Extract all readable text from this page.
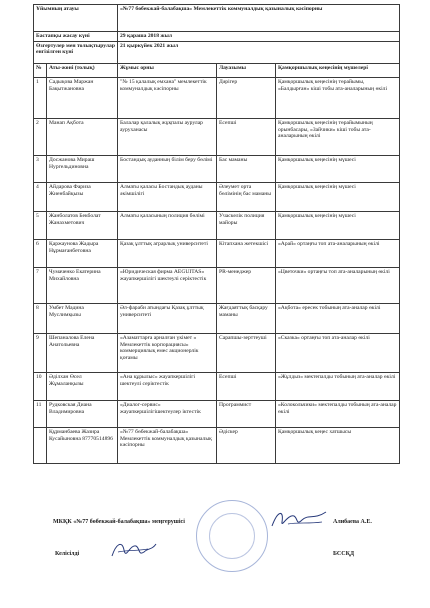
Ұйымның атауы	«№77 бөбекжай-балабақша» Мемлекеттік коммуналдық қазыналық кәсіпорны
Бастапқы жасау күні	29 қараша 2018 жыл
Өзгертулер мен толықтырулар енгізілген күні	21 қыркүйек 2021 жыл
№	Аты-жөні (толық)	Жұмыс орны	Лауазымы	Қамқоршылық кеңесінің мүшелері
1	Садықова Маржан Бақытжановна	"№ 15 қалалық емхана" мемлекеттік коммуналдық кәсіпорны	Дәрігер	Қамқоршылық кеңесінің төрайымы, «Балдырған» кіші тобы ата-аналарының өкілі
2	Манап Ақбота	Балалар қалалық жұқпалы аурулар ауруханасы	Есепші	Қамқоршылық кеңесінің төрайымының орынбасары, «Зайчики» кіші тобы ата-аналарының өкілі
3	Досжанова Мираш Нургельдиновна	Бостандық ауданның білім беру бөлімі	Бас маманы	Қамқоршылық кеңесінің мүшесі
4	Айдарова Фариза Жиенбайқызы	Алматы қаласы Бостандық ауданы әкімшілігі	Әлеумет орта бөлімінің бас маманы	Қамқоршылық кеңесінің мүшесі
5	Жанболатов Бекболат Жанахметович	Алматы қаласының полиция бөлімі	Учаскелік полиция майоры	Қамқоршылық кеңесінің мүшесі
6	Қаржаунова Жадыра Нұрмағанбетовна	Қазақ ұлттық аграрлық университеті	Кітапхана жетекшісі	«Арай» ортаңғы топ ата-аналарының өкілі
7	Чумаченко Екатерина Михайловна	«Юридическая фирма AEGUITAS» жауапкершілігі шектеулі серіктестік	PR-менеджер	«Цветочки» ортаңғы топ ата-аналарының өкілі
8	Умбет Мадина Муслимқызы	Әл-фараби атындағы Қазақ ұлттық университеті	Жағдаяттық басқару маманы	«Ақбота» ересек тобының ата-аналар өкілі
9	Шепаналова Елена Анатольевна	«Азаматтарға арналған үкімет » Мемлекеттік корпорациясы» коммерциялық емес акционерлік қоғамы	Сарапшы-зерттеуші	«Сказка» ортаңғы топ ата-аналар өкілі
10	Әділхан Өсел Жұмаланқызы	«Ана құрылыс» жауапкершілігі шектеулі серіктестік	Есепші	«Жұлдыз» мектепалды тобының ата-аналар өкілі
11	Рудковская Диана Владимировна	«Диалог-сервис» жауапкершілігішектеулер іктестік	Программист	«Колокольчики» мектепалды тобының ата-аналар өкілі
	Құрманбаева Жазира Кусайыновна 87770514896	«№77 бөбекжай-балабақша» Мемлекеттік коммуналдық қазыналық кәсіпорны	Әдіскер	Қамқоршылық кеңес хатшысы
МКҚК «№77 бөбекжай-балабақша» меңгерушісі	Алибаева А.Е.
Келісілді	БССҚД
